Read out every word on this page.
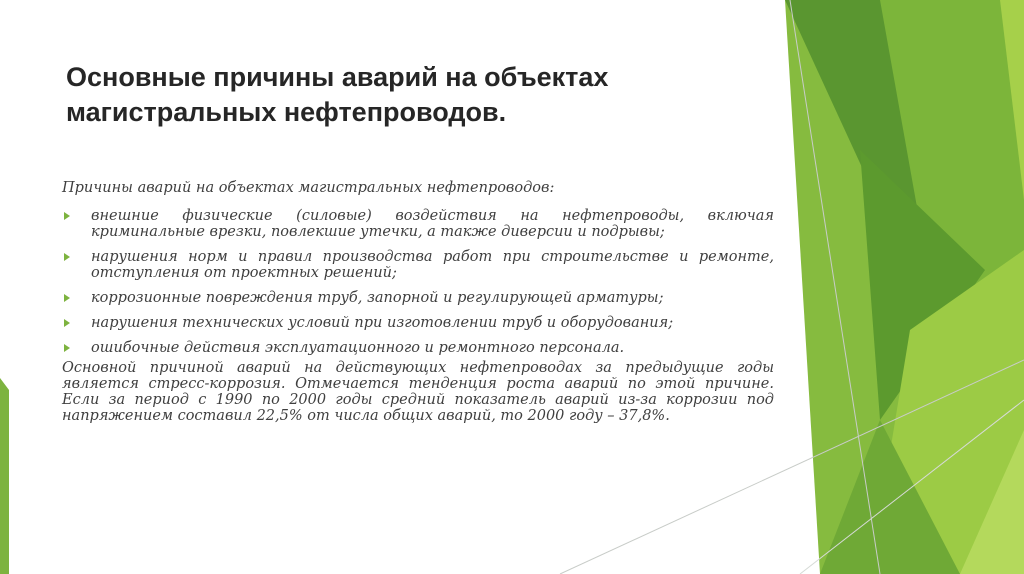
Основные причины аварий на объектах магистральных нефтепроводов.

Причины аварий на объектах магистральных нефтепроводов:

внешние физические (силовые) воздействия на нефтепроводы, включая криминальные врезки, повлекшие утечки, а также диверсии и подрывы;
нарушения норм и правил производства работ при строительстве и ремонте, отступления от проектных решений;
коррозионные повреждения труб, запорной и регулирующей арматуры;
нарушения технических условий при изготовлении труб и оборудования;
ошибочные действия эксплуатационного и ремонтного персонала.

Основной причиной аварий на действующих нефтепроводах за предыдущие годы является стресс-коррозия. Отмечается тенденция роста аварий по этой причине. Если за период с 1990 по 2000 годы средний показатель аварий из-за коррозии под напряжением составил 22,5% от числа общих аварий, то 2000 году – 37,8%.
